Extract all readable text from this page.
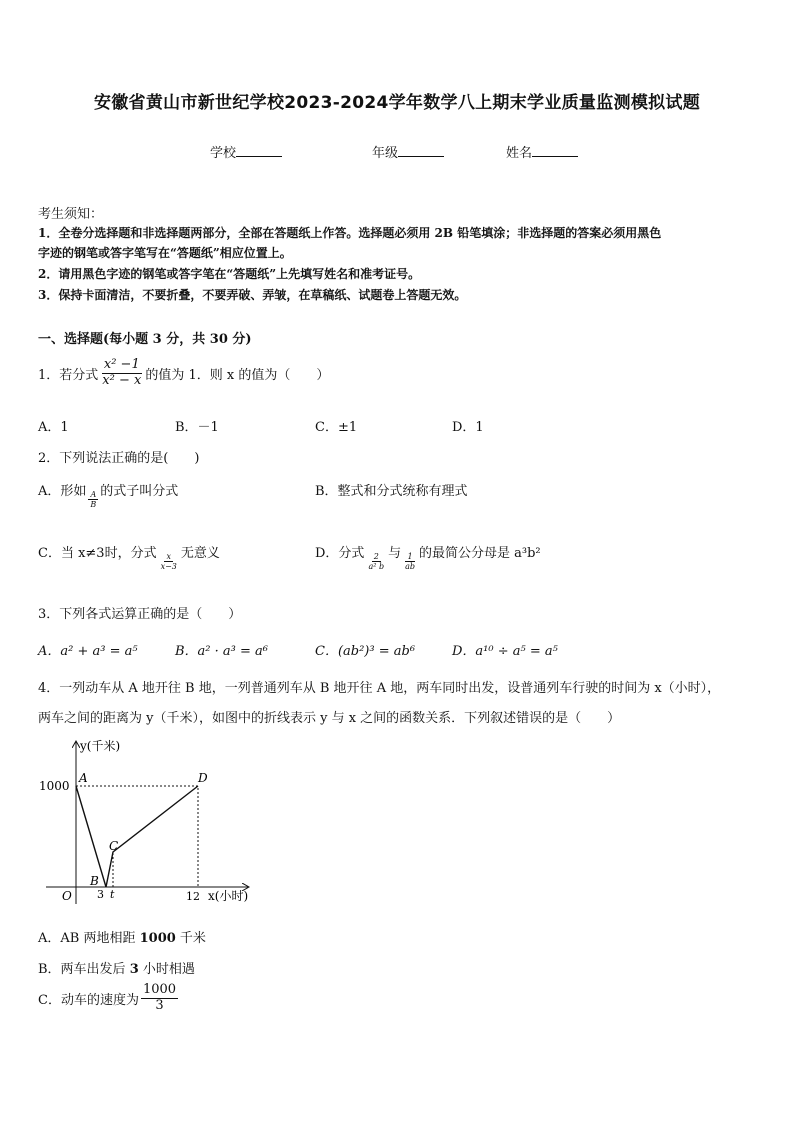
安徽省黄山市新世纪学校2023-2024学年数学八上期末学业质量监测模拟试题
学校	年级	姓名
考生须知：
1．全卷分选择题和非选择题两部分，全部在答题纸上作答。选择题必须用 2B 铅笔填涂；非选择题的答案必须用黑色
字迹的钢笔或答字笔写在“答题纸”相应位置上。
2．请用黑色字迹的钢笔或答字笔在“答题纸”上先填写姓名和准考证号。
3．保持卡面清洁，不要折叠，不要弄破、弄皱，在草稿纸、试题卷上答题无效。
一、选择题(每小题 3 分，共 30 分)
1．若分式 $\frac{\text{x² −1}}{\text{x² − x}}$ 的值为 1．则 x 的值为（　　）
A．1	B．－1	C．±1	D．1
2．下列说法正确的是(　　)
A．形如 $\frac{A}{B}$ 的式子叫分式	B．整式和分式统称有理式
C．当 x≠3时，分式 $\frac{x}{x-3}$ 无意义	D．分式 $\frac{2}{\text{a² b}}$ 与 $\frac{1}{ab}$ 的最简公分母是 a³b²
3．下列各式运算正确的是（　　）
A．a² + a³ = a⁵	B．a² · a³ = a⁶	C．(ab²)³ = ab⁶	D．a¹⁰ ÷ a⁵ = a⁵
4．一列动车从 A 地开往 B 地，一列普通列车从 B 地开往 A 地，两车同时出发，设普通列车行驶的时间为 x（小时），
两车之间的距离为 y（千米），如图中的折线表示 y 与 x 之间的函数关系．下列叙述错误的是（　　）
y(千米)
x(小时)
O
1000
3 t	12
A
B
C
D
A．AB 两地相距 1000 千米
B．两车出发后 3 小时相遇
C．动车的速度为 $\frac{1000}{3}$
